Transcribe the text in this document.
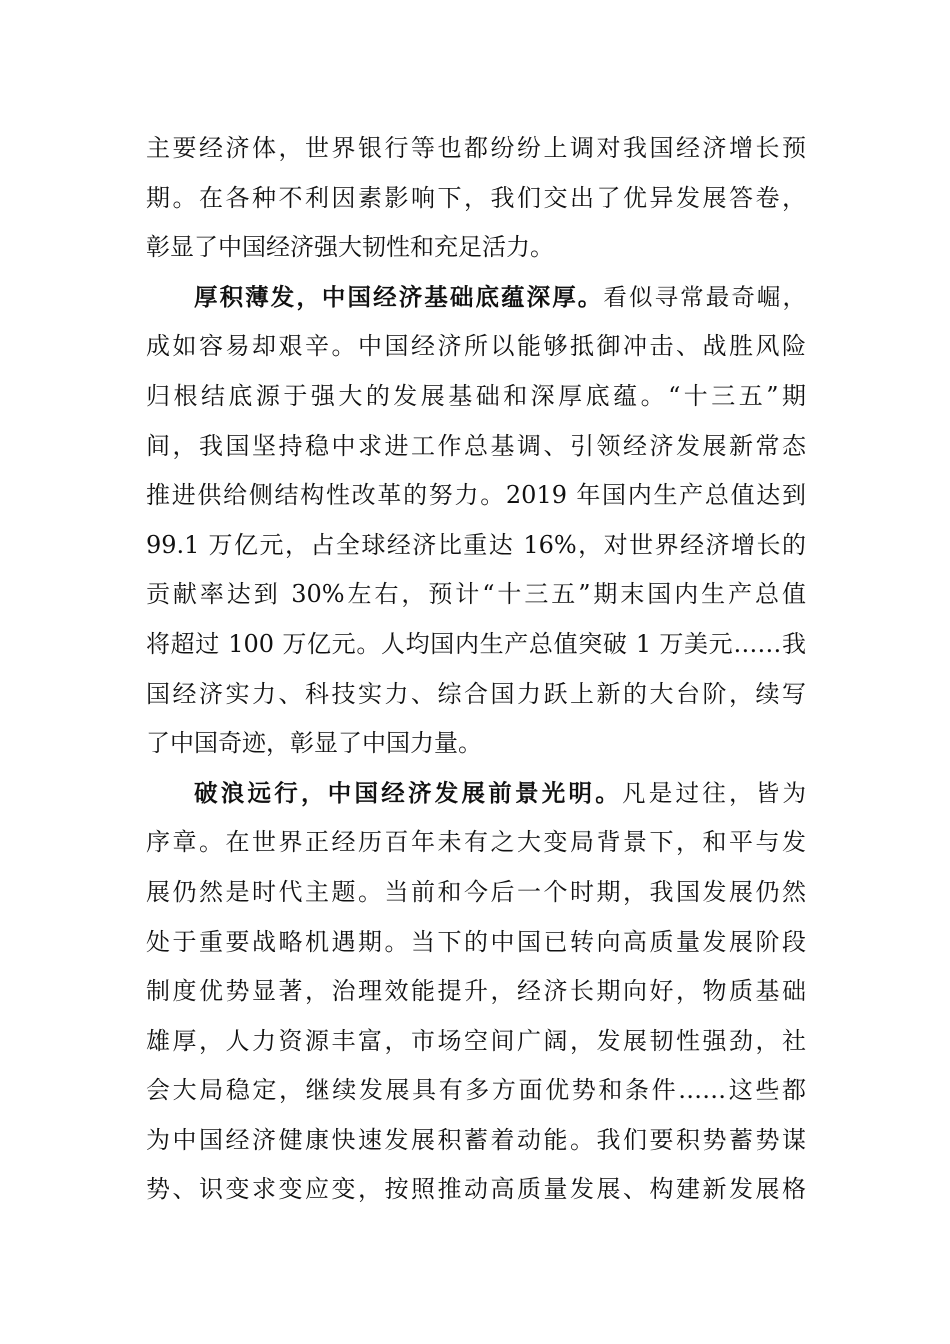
主要经济体，世界银行等也都纷纷上调对我国经济增长预
期。在各种不利因素影响下，我们交出了优异发展答卷，
彰显了中国经济强大韧性和充足活力。
厚积薄发，中国经济基础底蕴深厚。看似寻常最奇崛，
成如容易却艰辛。中国经济所以能够抵御冲击、战胜风险
归根结底源于强大的发展基础和深厚底蕴。“十三五”期
间，我国坚持稳中求进工作总基调、引领经济发展新常态
推进供给侧结构性改革的努力。2019 年国内生产总值达到
99.1 万亿元，占全球经济比重达 16%，对世界经济增长的
贡献率达到 30%左右，预计“十三五”期末国内生产总值
将超过 100 万亿元。人均国内生产总值突破 1 万美元……我
国经济实力、科技实力、综合国力跃上新的大台阶，续写
了中国奇迹，彰显了中国力量。
破浪远行，中国经济发展前景光明。凡是过往，皆为
序章。在世界正经历百年未有之大变局背景下，和平与发
展仍然是时代主题。当前和今后一个时期，我国发展仍然
处于重要战略机遇期。当下的中国已转向高质量发展阶段
制度优势显著，治理效能提升，经济长期向好，物质基础
雄厚，人力资源丰富，市场空间广阔，发展韧性强劲，社
会大局稳定，继续发展具有多方面优势和条件……这些都
为中国经济健康快速发展积蓄着动能。我们要积势蓄势谋
势、识变求变应变，按照推动高质量发展、构建新发展格
